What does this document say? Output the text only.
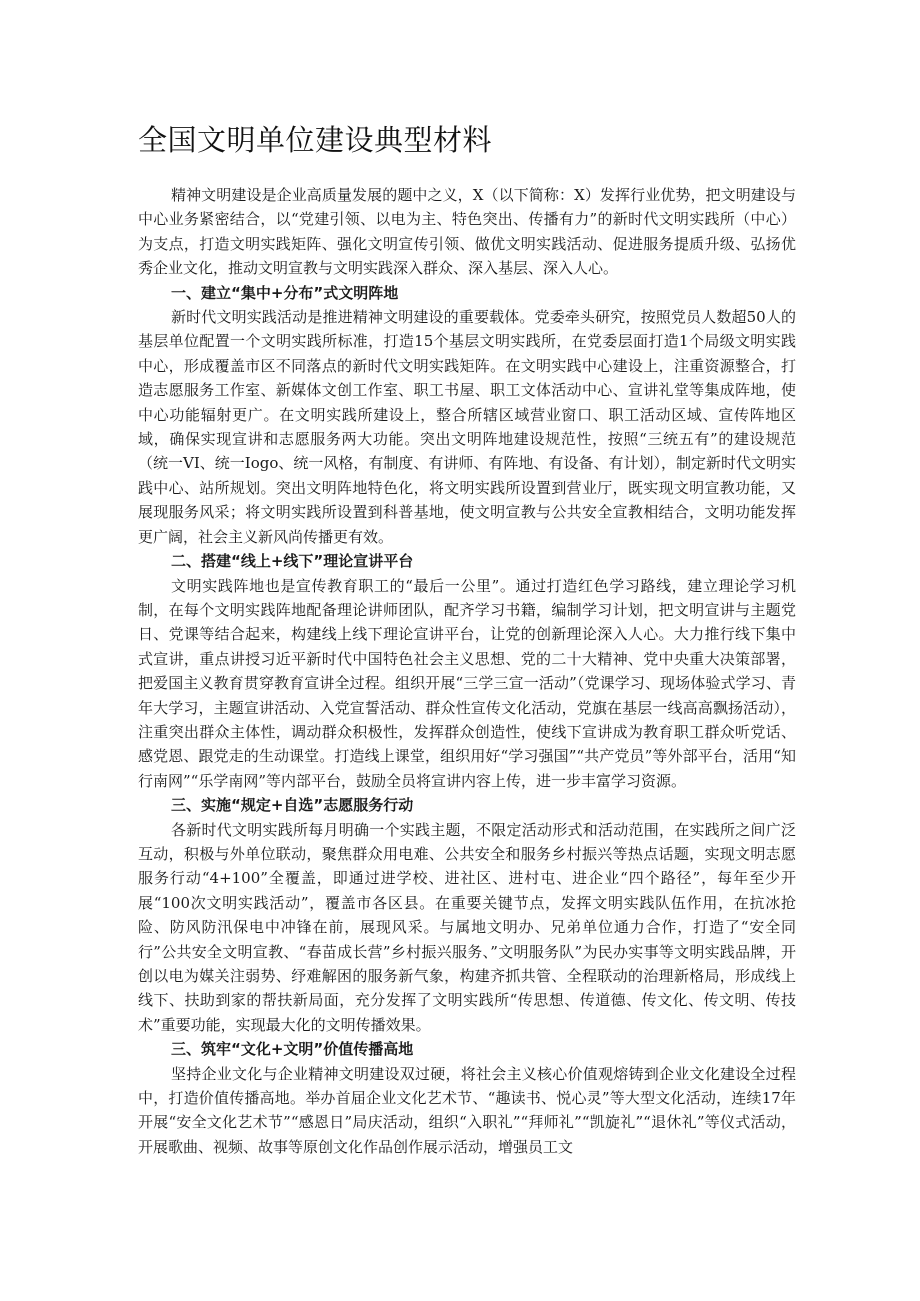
全国文明单位建设典型材料

精神文明建设是企业高质量发展的题中之义，X（以下简称：X）发挥行业优势，把文明建设与中心业务紧密结合，以“党建引领、以电为主、特色突出、传播有力”的新时代文明实践所（中心）为支点，打造文明实践矩阵、强化文明宣传引领、做优文明实践活动、促进服务提质升级、弘扬优秀企业文化，推动文明宣教与文明实践深入群众、深入基层、深入人心。

一、建立“集中+分布”式文明阵地

新时代文明实践活动是推进精神文明建设的重要载体。党委牵头研究，按照党员人数超50人的基层单位配置一个文明实践所标准，打造15个基层文明实践所，在党委层面打造1个局级文明实践中心，形成覆盖市区不同落点的新时代文明实践矩阵。在文明实践中心建设上，注重资源整合，打造志愿服务工作室、新媒体文创工作室、职工书屋、职工文体活动中心、宣讲礼堂等集成阵地，使中心功能辐射更广。在文明实践所建设上，整合所辖区域营业窗口、职工活动区域、宣传阵地区域，确保实现宣讲和志愿服务两大功能。突出文明阵地建设规范性，按照“三统五有”的建设规范（统一VI、统一Iogo、统一风格，有制度、有讲师、有阵地、有设备、有计划），制定新时代文明实践中心、站所规划。突出文明阵地特色化，将文明实践所设置到营业厅，既实现文明宣教功能，又展现服务风采；将文明实践所设置到科普基地，使文明宣教与公共安全宣教相结合，文明功能发挥更广阔，社会主义新风尚传播更有效。

二、搭建“线上+线下”理论宣讲平台

文明实践阵地也是宣传教育职工的“最后一公里”。通过打造红色学习路线，建立理论学习机制，在每个文明实践阵地配备理论讲师团队，配齐学习书籍，编制学习计划，把文明宣讲与主题党日、党课等结合起来，构建线上线下理论宣讲平台，让党的创新理论深入人心。大力推行线下集中式宣讲，重点讲授习近平新时代中国特色社会主义思想、党的二十大精神、党中央重大决策部署，把爱国主义教育贯穿教育宣讲全过程。组织开展“三学三宣一活动”（党课学习、现场体验式学习、青年大学习，主题宣讲活动、入党宣誓活动、群众性宣传文化活动，党旗在基层一线高高飘扬活动），注重突出群众主体性，调动群众积极性，发挥群众创造性，使线下宣讲成为教育职工群众听党话、感党恩、跟党走的生动课堂。打造线上课堂，组织用好“学习强国”“共产党员”等外部平台，活用“知行南网”“乐学南网”等内部平台，鼓励全员将宣讲内容上传，进一步丰富学习资源。

三、实施“规定+自选”志愿服务行动

各新时代文明实践所每月明确一个实践主题，不限定活动形式和活动范围，在实践所之间广泛互动，积极与外单位联动，聚焦群众用电难、公共安全和服务乡村振兴等热点话题，实现文明志愿服务行动“4+100”全覆盖，即通过进学校、进社区、进村屯、进企业“四个路径”，每年至少开展“100次文明实践活动”，覆盖市各区县。在重要关键节点，发挥文明实践队伍作用，在抗冰抢险、防风防汛保电中冲锋在前，展现风采。与属地文明办、兄弟单位通力合作，打造了“安全同行”公共安全文明宣教、“春苗成长营”乡村振兴服务、”文明服务队”为民办实事等文明实践品牌，开创以电为媒关注弱势、纾难解困的服务新气象，构建齐抓共管、全程联动的治理新格局，形成线上线下、扶助到家的帮扶新局面，充分发挥了文明实践所“传思想、传道德、传文化、传文明、传技术”重要功能，实现最大化的文明传播效果。

三、筑牢“文化+文明”价值传播高地

坚持企业文化与企业精神文明建设双过硬，将社会主义核心价值观熔铸到企业文化建设全过程中，打造价值传播高地。举办首届企业文化艺术节、“趣读书、悦心灵”等大型文化活动，连续17年开展“安全文化艺术节”“感恩日”局庆活动，组织“入职礼”“拜师礼”“凯旋礼”“退休礼”等仪式活动，开展歌曲、视频、故事等原创文化作品创作展示活动，增强员工文
